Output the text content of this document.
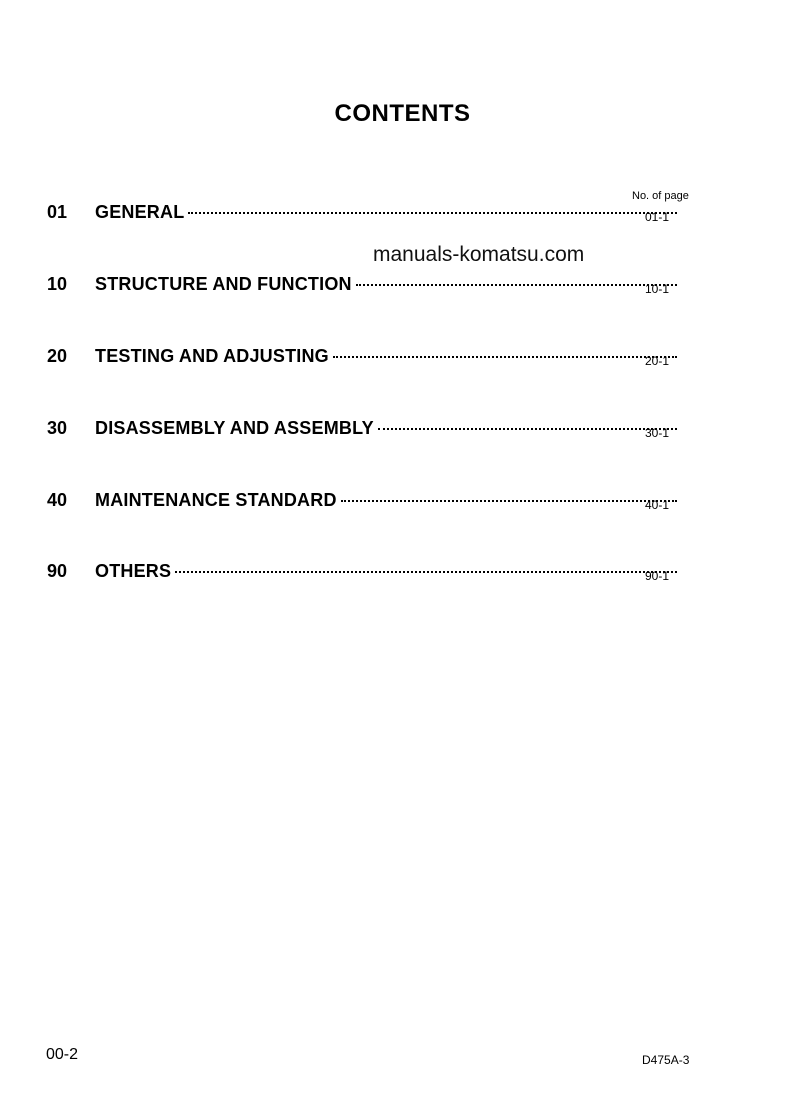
CONTENTS
No. of page
manuals-komatsu.com
01 GENERAL	01-1
10 STRUCTURE AND FUNCTION	10-1
20 TESTING AND ADJUSTING	20-1
30 DISASSEMBLY AND ASSEMBLY	30-1
40 MAINTENANCE STANDARD	40-1
90 OTHERS	90-1
00-2	D475A-3
